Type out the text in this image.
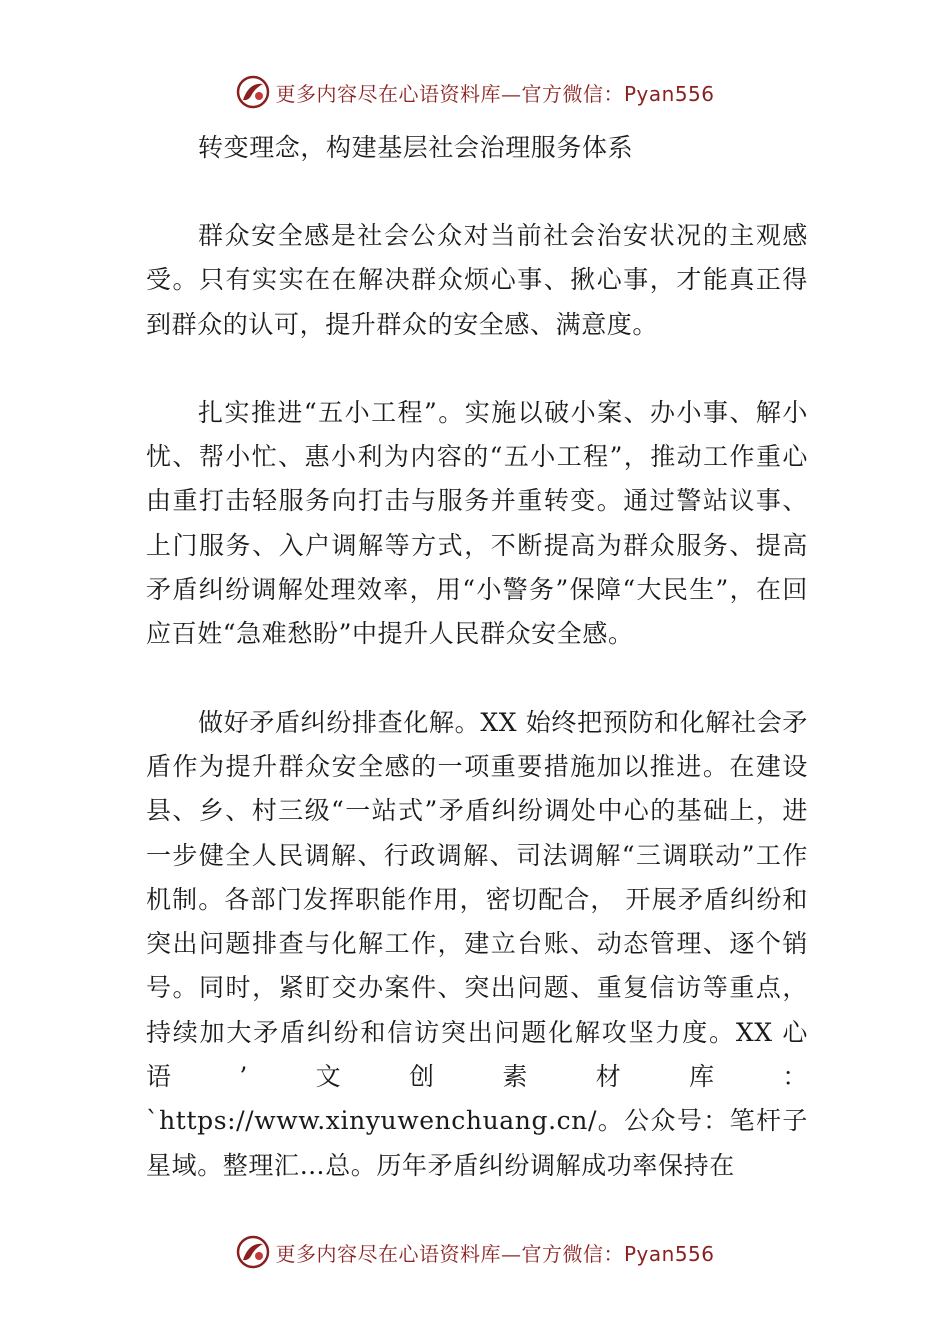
更多内容尽在心语资料库—官方微信：Pyan556

转变理念，构建基层社会治理服务体系

群众安全感是社会公众对当前社会治安状况的主观感受。只有实实在在解决群众烦心事、揪心事，才能真正得到群众的认可，提升群众的安全感、满意度。

扎实推进“五小工程”。实施以破小案、办小事、解小忧、帮小忙、惠小利为内容的“五小工程”，推动工作重心由重打击轻服务向打击与服务并重转变。通过警站议事、上门服务、入户调解等方式，不断提高为群众服务、提高矛盾纠纷调解处理效率，用“小警务”保障“大民生”，在回应百姓“急难愁盼”中提升人民群众安全感。

做好矛盾纠纷排查化解。XX 始终把预防和化解社会矛盾作为提升群众安全感的一项重要措施加以推进。在建设县、乡、村三级“一站式”矛盾纠纷调处中心的基础上，进一步健全人民调解、行政调解、司法调解“三调联动”工作机制。各部门发挥职能作用，密切配合， 开展矛盾纠纷和突出问题排查与化解工作，建立台账、动态管理、逐个销号。同时，紧盯交办案件、突出问题、重复信访等重点，持续加大矛盾纠纷和信访突出问题化解攻坚力度。XX 心语’文创素材库：`https://www.xinyuwenchuang.cn/。公众号：笔杆子星域。整理汇…总。历年矛盾纠纷调解成功率保持在

更多内容尽在心语资料库—官方微信：Pyan556
